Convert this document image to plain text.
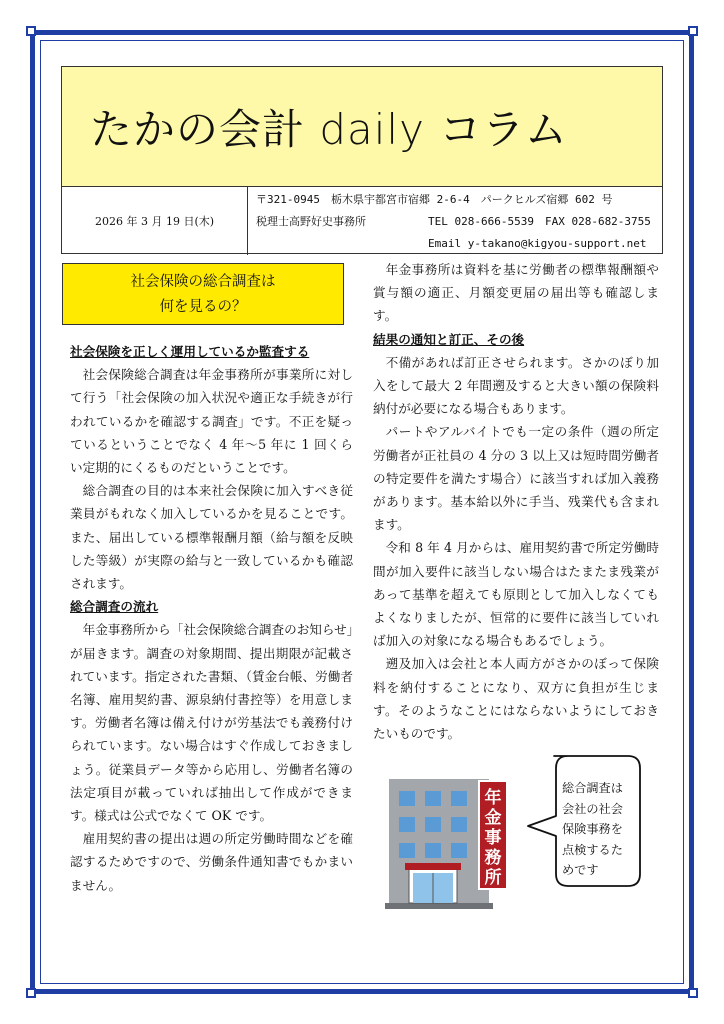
たかの会計 daily コラム
2026 年 3 月 19 日(木)
〒321-0945　栃木県宇都宮市宿郷 2-6-4　パークヒルズ宿郷 602 号
税理士高野好史事務所	TEL 028-666-5539　FAX 028-682-3755
Email y-takano@kigyou-support.net
社会保険の総合調査は
何を見るの？

社会保険を正しく運用しているか監査する

社会保険総合調査は年金事務所が事業所に対して行う「社会保険の加入状況や適正な手続きが行われているかを確認する調査」です。不正を疑っているということでなく 4 年〜5 年に 1 回くらい定期的にくるものだということです。

総合調査の目的は本来社会保険に加入すべき従業員がもれなく加入しているかを見ることです。また、届出している標準報酬月額（給与額を反映した等級）が実際の給与と一致しているかも確認されます。

総合調査の流れ

年金事務所から「社会保険総合調査のお知らせ」が届きます。調査の対象期間、提出期限が記載されています。指定された書類、（賃金台帳、労働者名簿、雇用契約書、源泉納付書控等）を用意します。労働者名簿は備え付けが労基法でも義務付けられています。ない場合はすぐ作成しておきましょう。従業員データ等から応用し、労働者名簿の法定項目が載っていれば抽出して作成ができます。様式は公式でなくて OK です。

雇用契約書の提出は週の所定労働時間などを確認するためですので、労働条件通知書でもかまいません。

年金事務所は資料を基に労働者の標準報酬額や賞与額の適正、月額変更届の届出等も確認します。

結果の通知と訂正、その後

不備があれば訂正させられます。さかのぼり加入をして最大 2 年間遡及すると大きい額の保険料納付が必要になる場合もあります。

パートやアルバイトでも一定の条件（週の所定労働者が正社員の 4 分の 3 以上又は短時間労働者の特定要件を満たす場合）に該当すれば加入義務があります。基本給以外に手当、残業代も含まれます。

令和 8 年 4 月からは、雇用契約書で所定労働時間が加入要件に該当しない場合はたまたま残業があって基準を超えても原則として加入しなくてもよくなりましたが、恒常的に要件に該当していれば加入の対象になる場合もあるでしょう。

遡及加入は会社と本人両方がさかのぼって保険料を納付することになり、双方に負担が生じます。そのようなことにはならないようにしておきたいものです。

年金事務所
総合調査は会社の社会保険事務を点検するためです
